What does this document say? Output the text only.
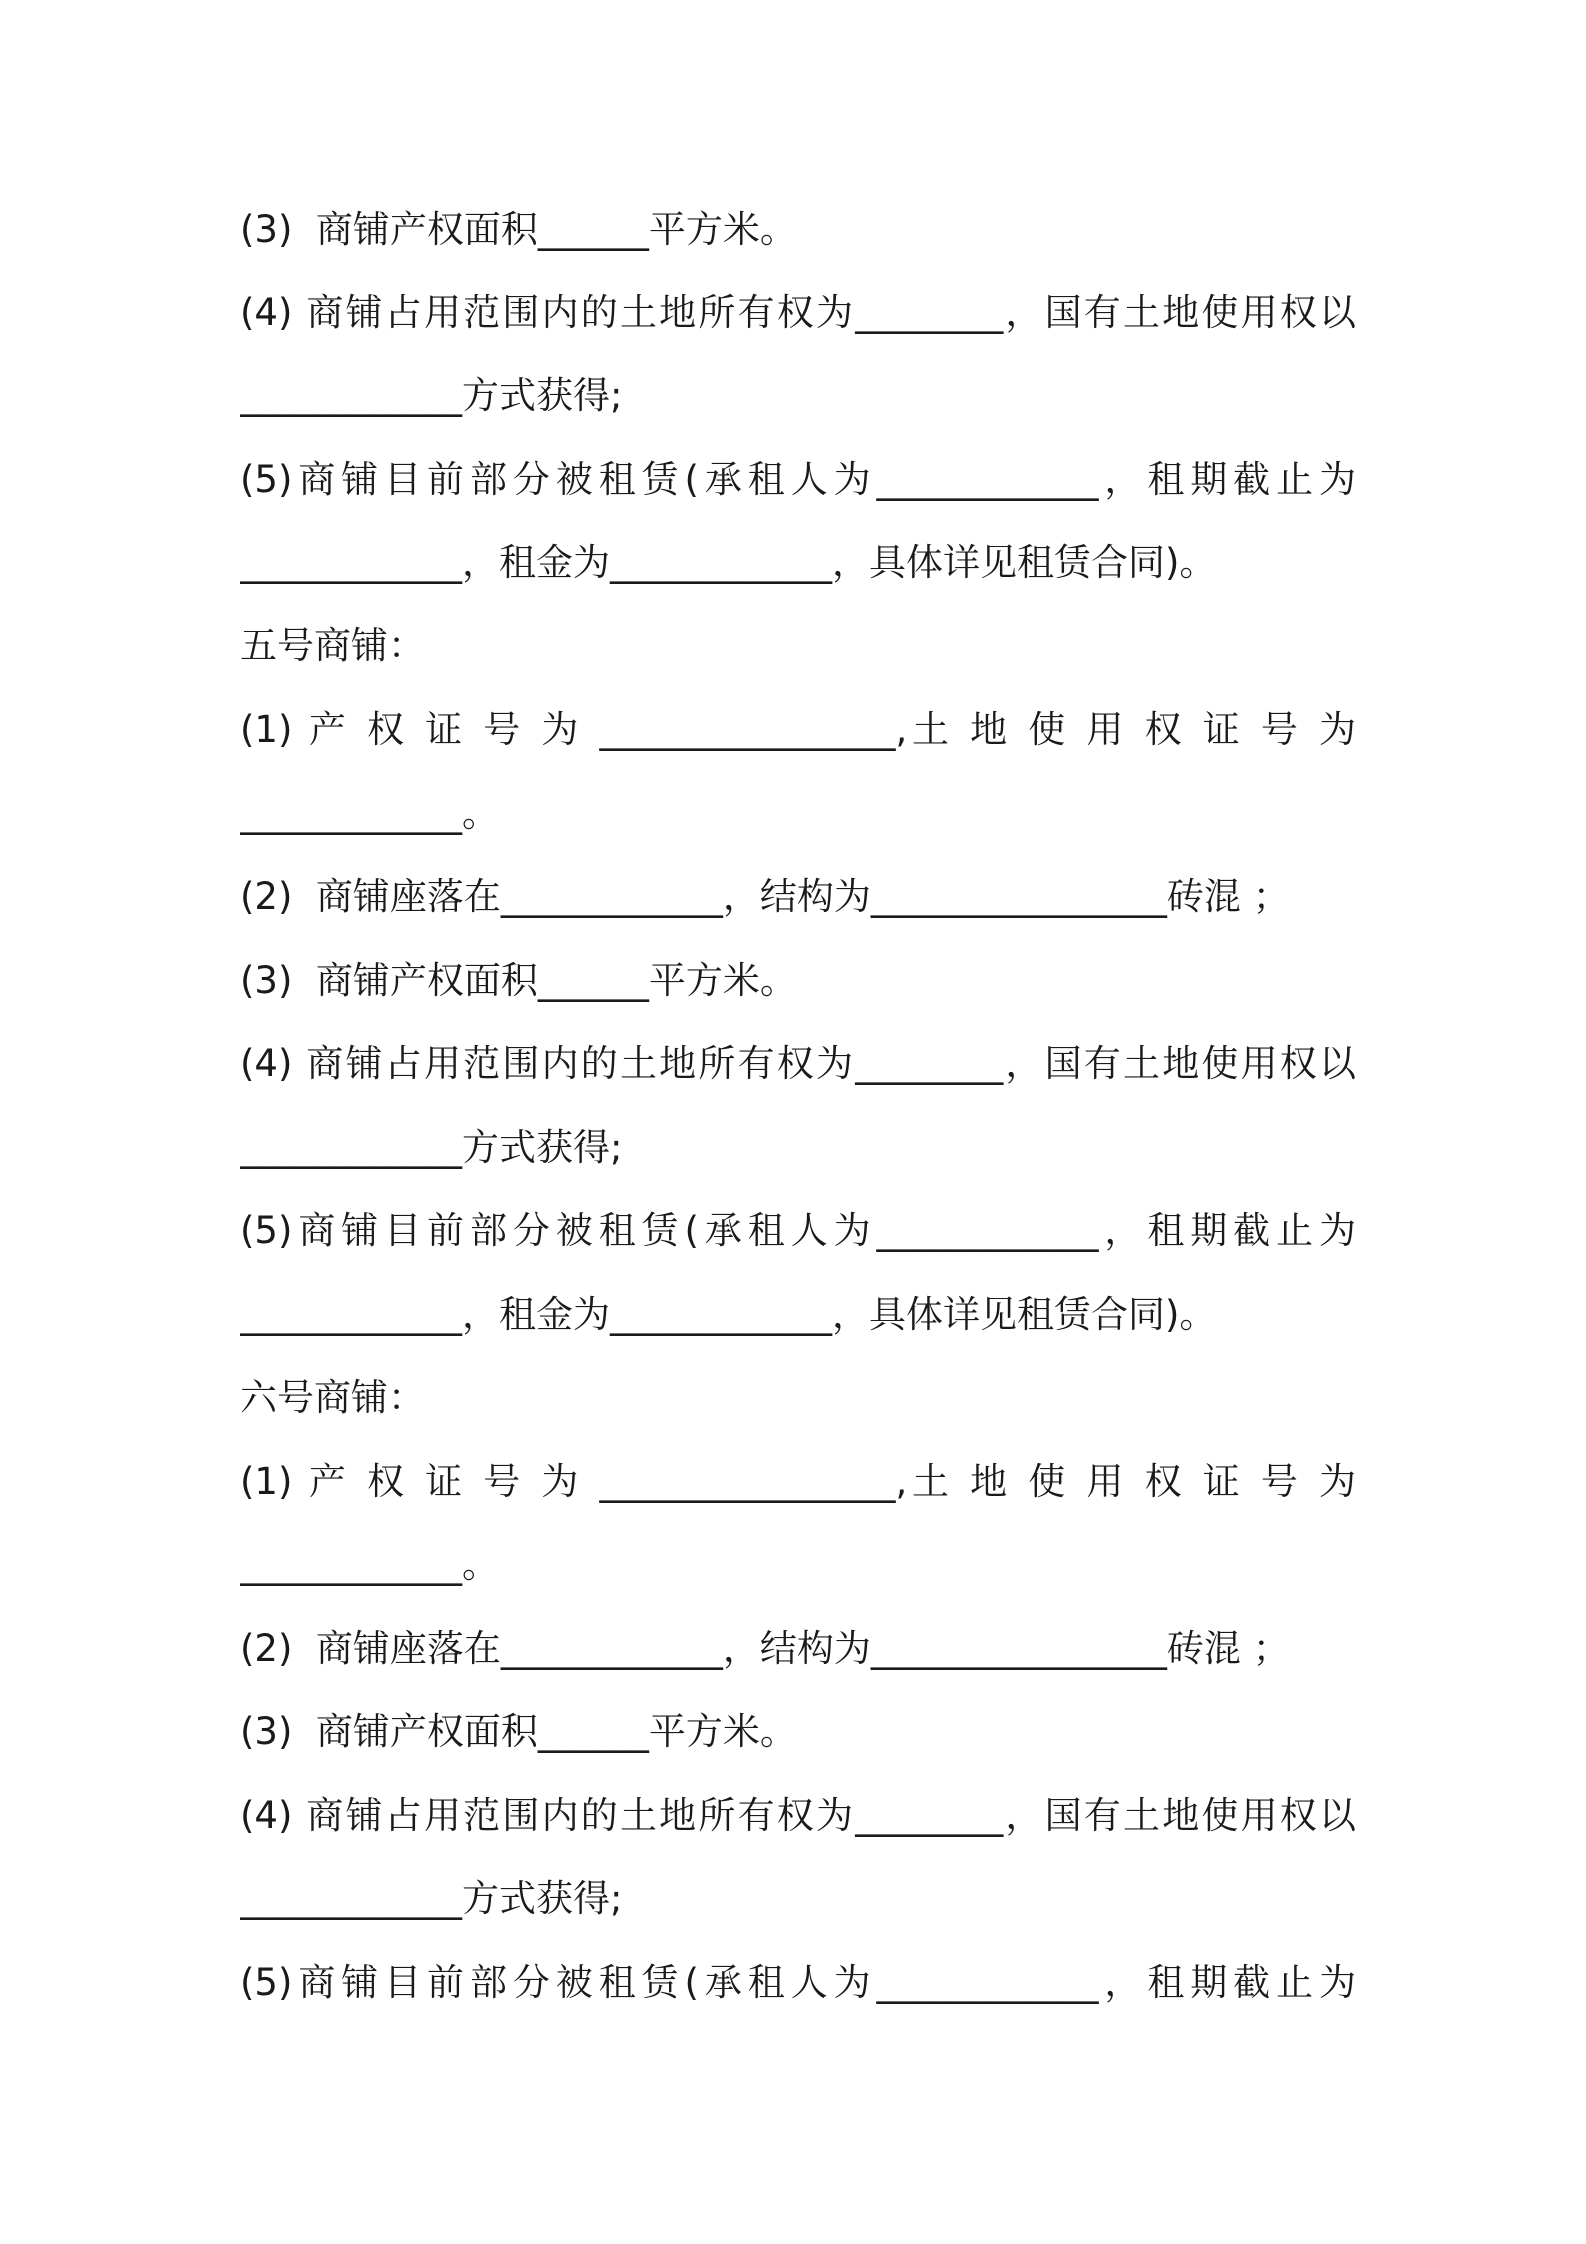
(3)  商铺产权面积______平方米。
(4) 商铺占用范围内的土地所有权为________，国有土地使用权以
____________方式获得;
(5)商铺目前部分被租赁(承租人为____________，租期截止为
____________，租金为____________，具体详见租赁合同)。
五号商铺：
(1) 产 权 证 号 为 ________________,土 地 使 用 权 证 号 为
____________。
(2)  商铺座落在____________，结构为________________砖混 ；
(3)  商铺产权面积______平方米。
(4) 商铺占用范围内的土地所有权为________，国有土地使用权以
____________方式获得;
(5)商铺目前部分被租赁(承租人为____________，租期截止为
____________，租金为____________，具体详见租赁合同)。
六号商铺：
(1) 产 权 证 号 为 ________________,土 地 使 用 权 证 号 为
____________。
(2)  商铺座落在____________，结构为________________砖混 ；
(3)  商铺产权面积______平方米。
(4) 商铺占用范围内的土地所有权为________，国有土地使用权以
____________方式获得;
(5)商铺目前部分被租赁(承租人为____________，租期截止为
